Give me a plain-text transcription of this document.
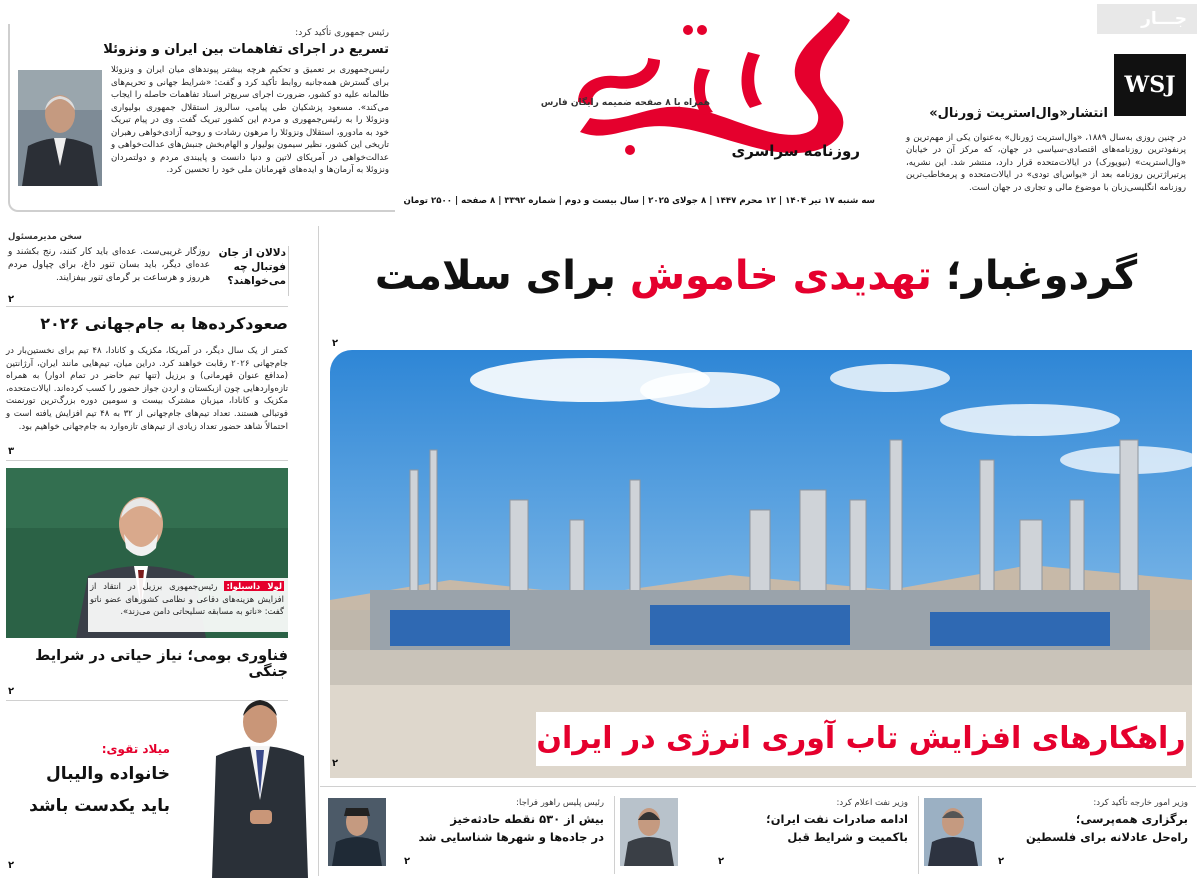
جـــار
WSJ
انتشار«وال‌استریت ژورنال»
در چنین روزی به‌سال ۱۸۸۹، «وال‌استریت ژورنال» به‌عنوان یکی از مهم‌ترین و پرنفوذترین روزنامه‌های اقتصادی-سیاسی در جهان، که مرکز آن در خیابان «وال‌استریت» (نیویورک) در ایالات‌متحده قرار دارد، منتشر شد. این نشریه، پرتیراژترین روزنامه بعد از «یواس‌ای تودی» در ایالات‌متحده و پرمخاطب‌ترین روزنامه انگلیسی‌زبان با موضوع مالی و تجاری در جهان است.
همراه با ۸ صفحه ضمیمه رایگان فارس
روزنامه سراسری
سه شنبه ۱۷ تیر ۱۴۰۴ | ۱۲ محرم ۱۴۴۷ | ۸ جولای ۲۰۲۵ | سال بیست و دوم | شماره ۳۳۹۲ | ۸ صفحه | ۲۵۰۰ تومان
رئیس جمهوری تأکید کرد:
تسریع در اجرای تفاهمات بین ایران و ونزوئلا
رئیس‌جمهوری بر تعمیق و تحکیم هرچه بیشتر پیوندهای میان ایران و ونزوئلا برای گسترش همه‌جانبه روابط تأکید کرد و گفت: «شرایط جهانی و تحریم‌های ظالمانه علیه دو کشور، ضرورت اجرای سریع‌تر اسناد تفاهمات حاصله را ایجاب می‌کند». مسعود پزشکیان طی پیامی، سالروز استقلال جمهوری بولیواری ونزوئلا را به رئیس‌جمهوری و مردم این کشور تبریک گفت. وی در پیام تبریک خود به مادورو، استقلال ونزوئلا را مرهون رشادت و روحیه آزادی‌خواهی رهبران تاریخی این کشور، نظیر سیمون بولیوار و الهام‌بخش جنبش‌های عدالت‌خواهی و عدالت‌خواهی در آمریکای لاتین و دنیا دانست و پایبندی مردم و دولتمردان ونزوئلا به آرمان‌ها و ایده‌های قهرمانان ملی خود را تحسین کرد.
سخن مدیرمسئول
دلالان از جان فوتبال چه می‌خواهند؟
روزگار غریبی‌ست. عده‌ای باید کار کنند، رنج بکشند و عده‌ای دیگر، باید بسان تنور داغ، برای چپاول مردم هرروز و هرساعت بر گرمای تنور بیفزایند.
۲
صعودکرده‌ها به جام‌جهانی ۲۰۲۶
کمتر از یک سال دیگر، در آمریکا، مکزیک و کانادا، ۴۸ تیم برای نخستین‌بار در جام‌جهانی ۲۰۲۶ رقابت خواهند کرد. دراین میان، تیم‌هایی مانند ایران، آرژانتین (مدافع عنوان قهرمانی) و برزیل (تنها تیم حاضر در تمام ادوار) به همراه تازه‌واردهایی چون ازبکستان و اردن جواز حضور را کسب کرده‌اند. ایالات‌متحده، مکزیک و کانادا، میزبان مشترک بیست و سومین دوره بزرگ‌ترین تورنمنت فوتبالی هستند. تعداد تیم‌های جام‌جهانی از ۳۲ به ۴۸ تیم افزایش یافته است و احتمالاً شاهد حضور تعداد زیادی از تیم‌های تازه‌وارد به جام‌جهانی خواهیم بود.
۳
لولا داسیلوا: رئیس‌جمهوری برزیل در انتقاد از افزایش هزینه‌های دفاعی و نظامی کشورهای عضو ناتو گفت: «ناتو به مسابقه تسلیحاتی دامن می‌زند».
فناوری بومی؛ نیاز حیاتی در شرایط جنگی
۲
میلاد تقوی:
خانواده والیبال
باید یکدست باشد
۲
گردوغبار؛ تهدیدی خاموش برای سلامت
۲
راهکارهای افزایش تاب آوری انرژی در ایران
۲
وزیر امور خارجه تأکید کرد:
برگزاری همه‌پرسی؛
راه‌حل عادلانه برای فلسطین
۲
وزیر نفت اعلام کرد:
ادامه صادرات نفت ایران؛
باکمیت و شرایط قبل
۲
رئیس پلیس راهور فراجا:
بیش از ۵۳۰ نقطه حادثه‌خیز
در جاده‌ها و شهرها شناسایی شد
۲
